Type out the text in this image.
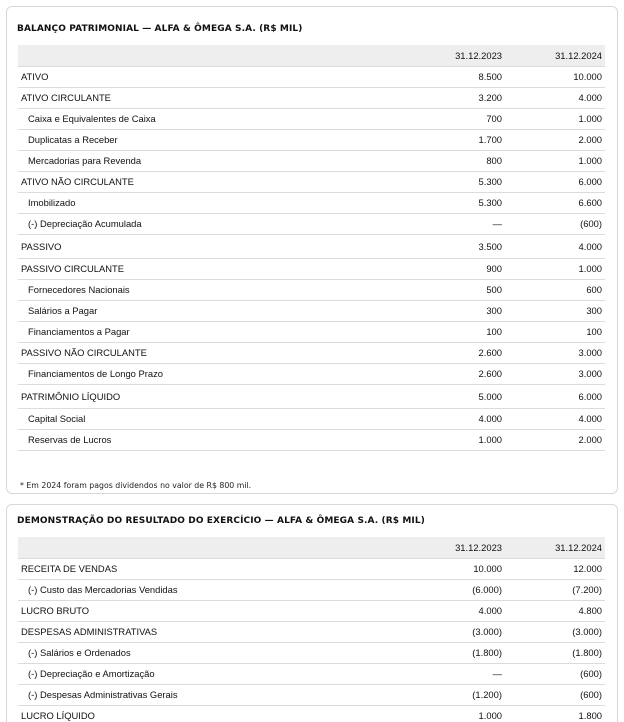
BALANÇO PATRIMONIAL — ALFA & ÔMEGA S.A. (R$ MIL)
	31.12.2023	31.12.2024
ATIVO	8.500	10.000
ATIVO CIRCULANTE	3.200	4.000
Caixa e Equivalentes de Caixa	700	1.000
Duplicatas a Receber	1.700	2.000
Mercadorias para Revenda	800	1.000
ATIVO NÃO CIRCULANTE	5.300	6.000
Imobilizado	5.300	6.600
(-) Depreciação Acumulada	—	(600)
PASSIVO	3.500	4.000
PASSIVO CIRCULANTE	900	1.000
Fornecedores Nacionais	500	600
Salários a Pagar	300	300
Financiamentos a Pagar	100	100
PASSIVO NÃO CIRCULANTE	2.600	3.000
Financiamentos de Longo Prazo	2.600	3.000
PATRIMÔNIO LÍQUIDO	5.000	6.000
Capital Social	4.000	4.000
Reservas de Lucros	1.000	2.000
* Em 2024 foram pagos dividendos no valor de R$ 800 mil.
DEMONSTRAÇÃO DO RESULTADO DO EXERCÍCIO — ALFA & ÔMEGA S.A. (R$ MIL)
	31.12.2023	31.12.2024
RECEITA DE VENDAS	10.000	12.000
(-) Custo das Mercadorias Vendidas	(6.000)	(7.200)
LUCRO BRUTO	4.000	4.800
DESPESAS ADMINISTRATIVAS	(3.000)	(3.000)
(-) Salários e Ordenados	(1.800)	(1.800)
(-) Depreciação e Amortização	—	(600)
(-) Despesas Administrativas Gerais	(1.200)	(600)
LUCRO LÍQUIDO	1.000	1.800
